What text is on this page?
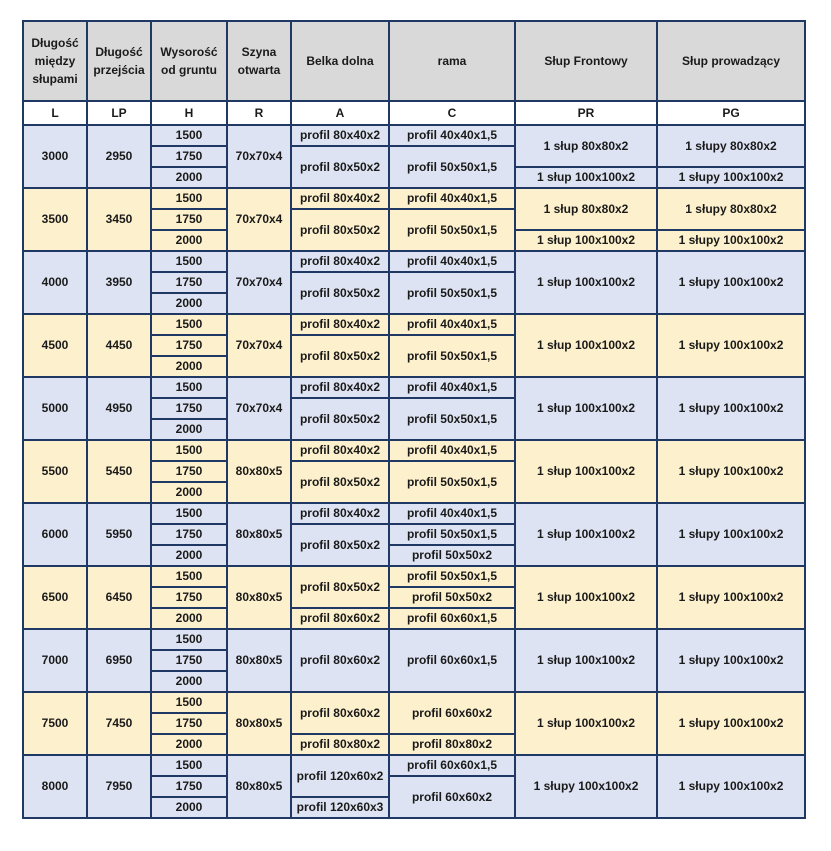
Długość między słupami	Długość przejścia	Wysorość od gruntu	Szyna otwarta	Belka dolna	rama	Słup Frontowy	Słup prowadzący
L	LP	H	R	A	C	PR	PG
3000	2950	1500	70x70x4	profil 80x40x2	profil 40x40x1,5	1 słup 80x80x2	1 słupy 80x80x2
		1750		profil 80x50x2	profil 50x50x1,5		
		2000				1 słup 100x100x2	1 słupy 100x100x2
3500	3450	1500	70x70x4	profil 80x40x2	profil 40x40x1,5	1 słup 80x80x2	1 słupy 80x80x2
		1750		profil 80x50x2	profil 50x50x1,5		
		2000				1 słup 100x100x2	1 słupy 100x100x2
4000	3950	1500	70x70x4	profil 80x40x2	profil 40x40x1,5	1 słup 100x100x2	1 słupy 100x100x2
		1750		profil 80x50x2	profil 50x50x1,5		
		2000					
4500	4450	1500	70x70x4	profil 80x40x2	profil 40x40x1,5	1 słup 100x100x2	1 słupy 100x100x2
		1750		profil 80x50x2	profil 50x50x1,5		
		2000					
5000	4950	1500	70x70x4	profil 80x40x2	profil 40x40x1,5	1 słup 100x100x2	1 słupy 100x100x2
		1750		profil 80x50x2	profil 50x50x1,5		
		2000					
5500	5450	1500	80x80x5	profil 80x40x2	profil 40x40x1,5	1 słup 100x100x2	1 słupy 100x100x2
		1750		profil 80x50x2	profil 50x50x1,5		
		2000					
6000	5950	1500	80x80x5	profil 80x40x2	profil 40x40x1,5	1 słup 100x100x2	1 słupy 100x100x2
		1750		profil 80x50x2	profil 50x50x1,5		
		2000			profil 50x50x2		
6500	6450	1500	80x80x5	profil 80x50x2	profil 50x50x1,5	1 słup 100x100x2	1 słupy 100x100x2
		1750			profil 50x50x2		
		2000		profil 80x60x2	profil 60x60x1,5		
7000	6950	1500	80x80x5	profil 80x60x2	profil 60x60x1,5	1 słup 100x100x2	1 słupy 100x100x2
		1750					
		2000					
7500	7450	1500	80x80x5	profil 80x60x2	profil 60x60x2	1 słup 100x100x2	1 słupy 100x100x2
		1750					
		2000		profil 80x80x2	profil 80x80x2		
8000	7950	1500	80x80x5	profil 120x60x2	profil 60x60x1,5	1 słupy 100x100x2	1 słupy 100x100x2
		1750			profil 60x60x2		
		2000		profil 120x60x3			
